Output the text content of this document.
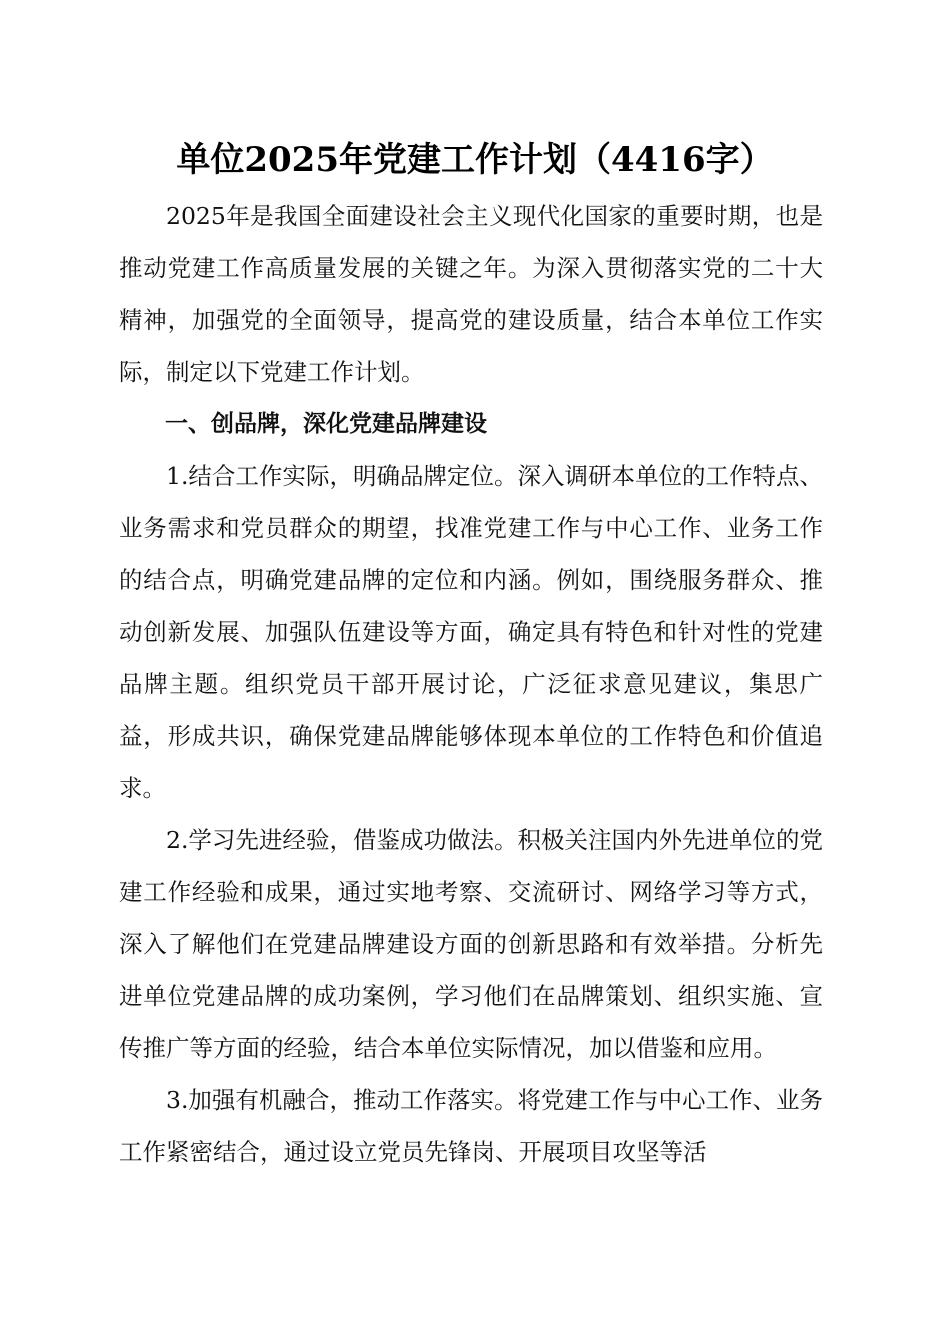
单位2025年党建工作计划（4416字）

2025年是我国全面建设社会主义现代化国家的重要时期，也是推动党建工作高质量发展的关键之年。为深入贯彻落实党的二十大精神，加强党的全面领导，提高党的建设质量，结合本单位工作实际，制定以下党建工作计划。

一、创品牌，深化党建品牌建设

1.结合工作实际，明确品牌定位。深入调研本单位的工作特点、业务需求和党员群众的期望，找准党建工作与中心工作、业务工作的结合点，明确党建品牌的定位和内涵。例如，围绕服务群众、推动创新发展、加强队伍建设等方面，确定具有特色和针对性的党建品牌主题。组织党员干部开展讨论，广泛征求意见建议，集思广益，形成共识，确保党建品牌能够体现本单位的工作特色和价值追求。

2.学习先进经验，借鉴成功做法。积极关注国内外先进单位的党建工作经验和成果，通过实地考察、交流研讨、网络学习等方式，深入了解他们在党建品牌建设方面的创新思路和有效举措。分析先进单位党建品牌的成功案例，学习他们在品牌策划、组织实施、宣传推广等方面的经验，结合本单位实际情况，加以借鉴和应用。

3.加强有机融合，推动工作落实。将党建工作与中心工作、业务工作紧密结合，通过设立党员先锋岗、开展项目攻坚等活
